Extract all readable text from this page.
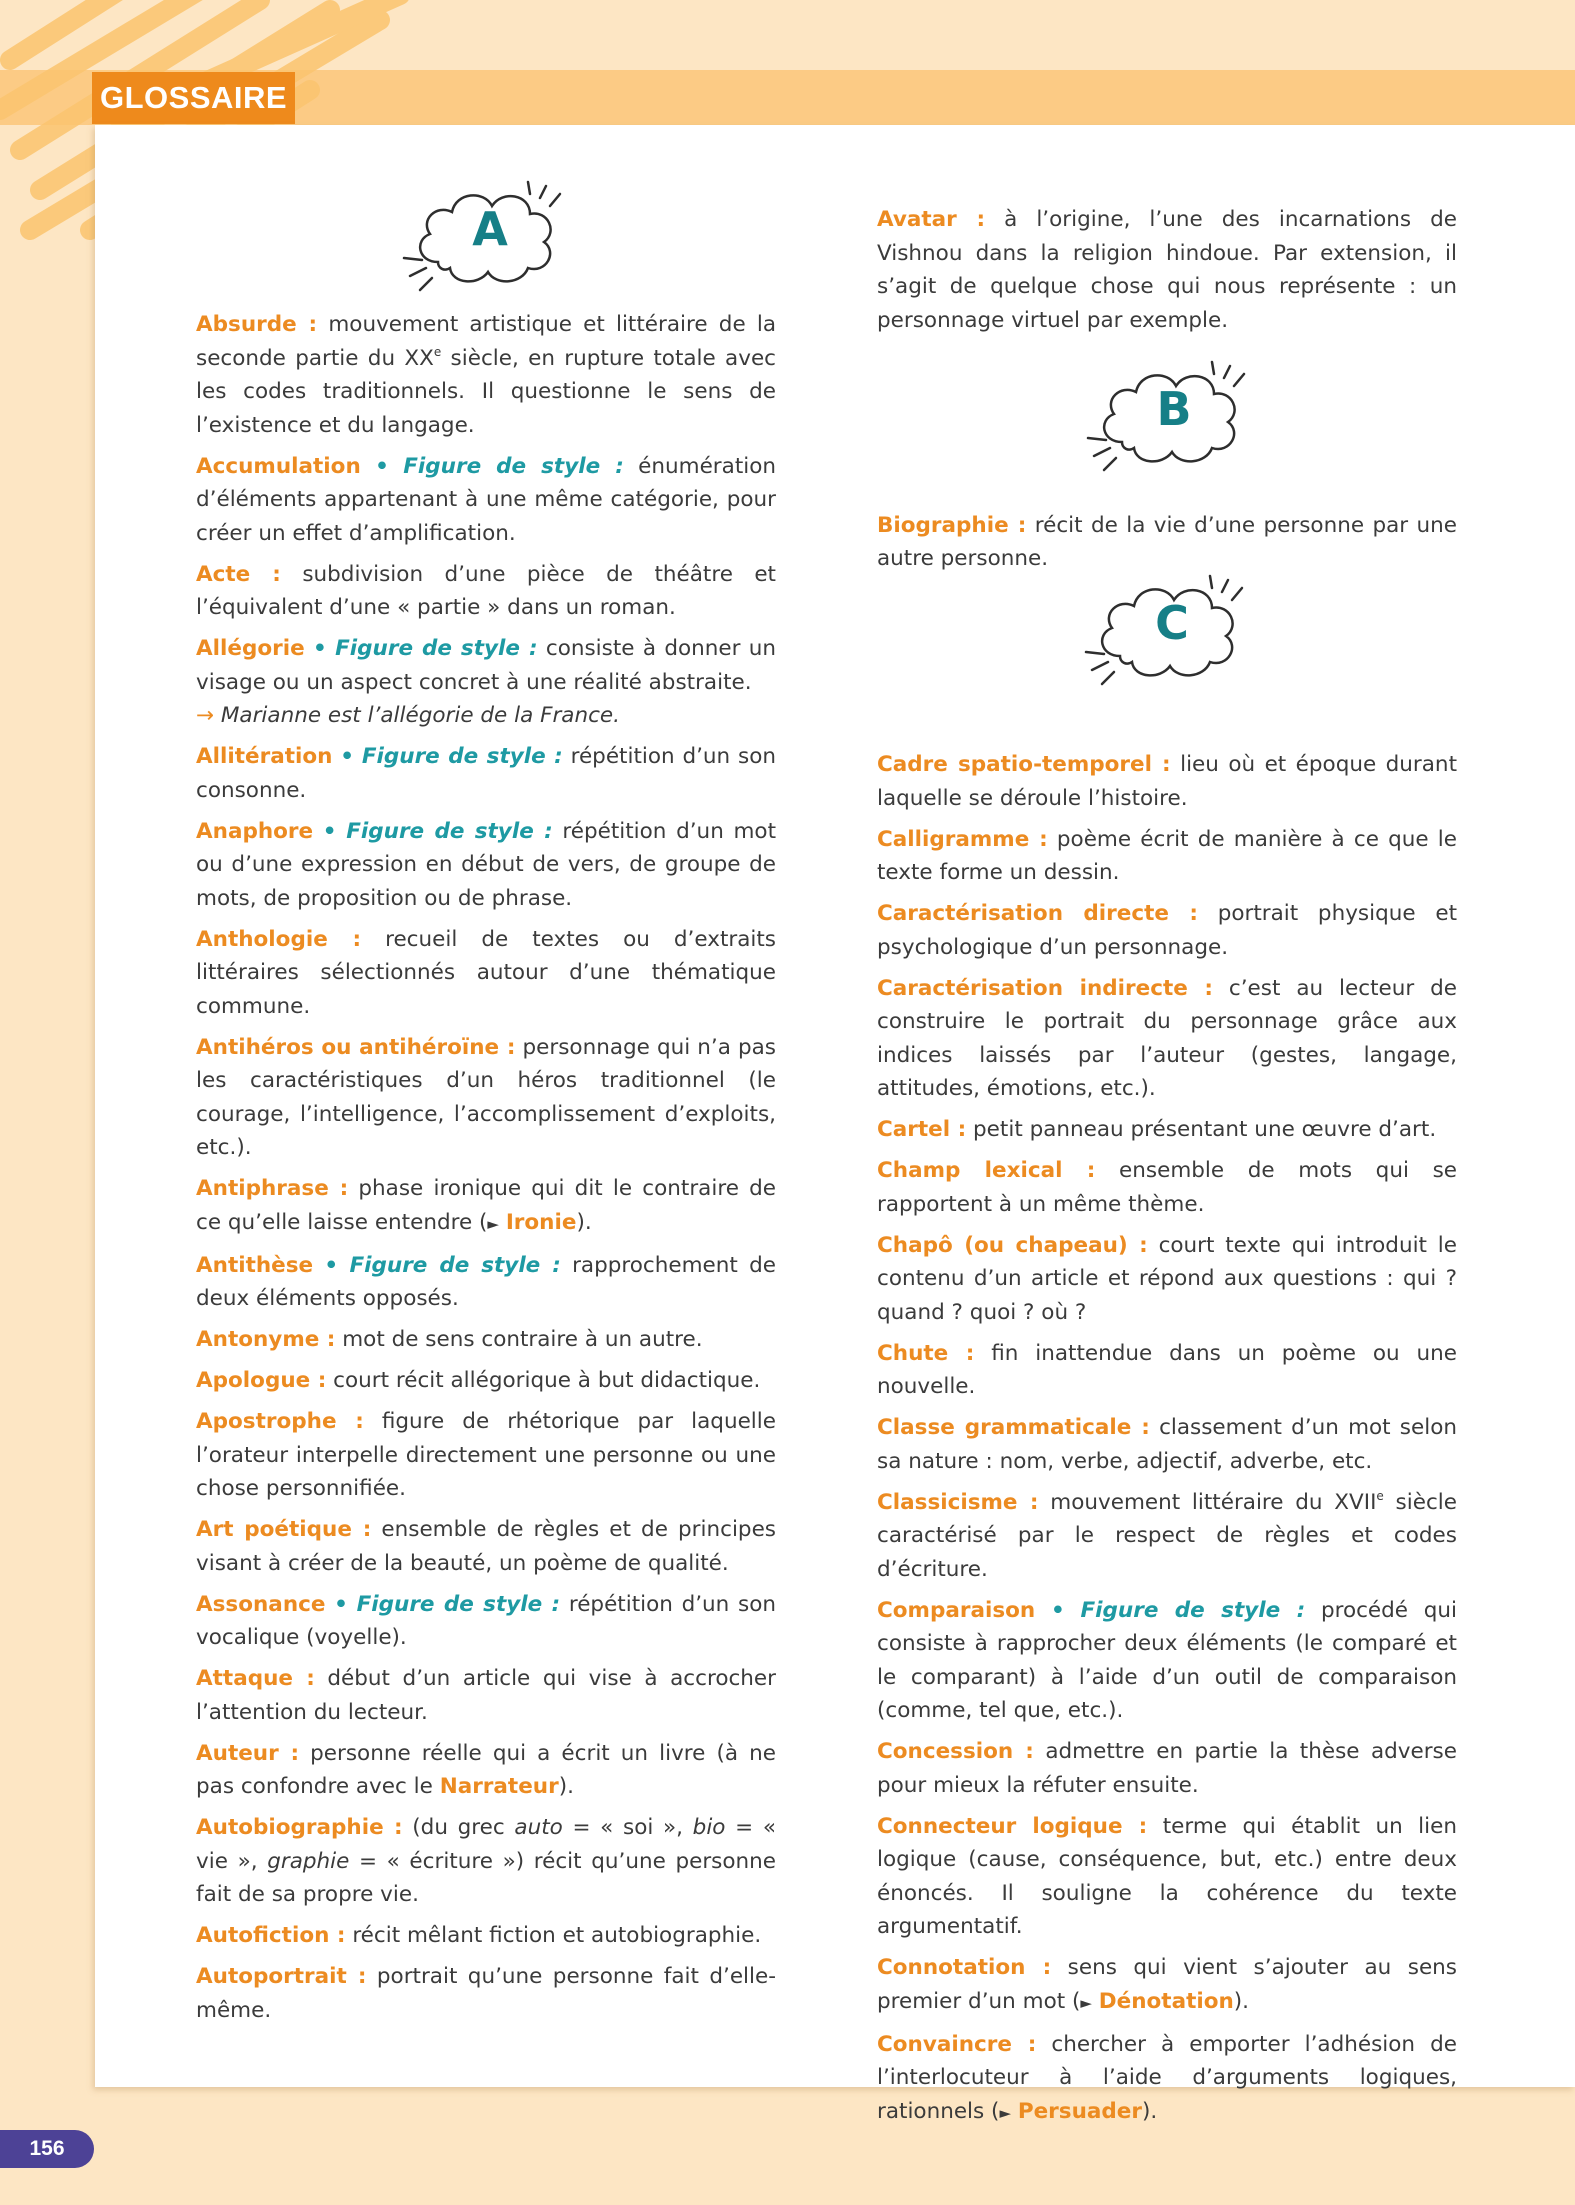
GLOSSAIRE
A
B
C

Absurde : mouvement artistique et littéraire de la seconde partie du XXe siècle, en rupture totale avec les codes traditionnels. Il questionne le sens de l’existence et du langage.

Accumulation • Figure de style : énumération d’éléments appartenant à une même catégorie, pour créer un effet d’amplification.

Acte : subdivision d’une pièce de théâtre et l’équivalent d’une « partie » dans un roman.

Allégorie • Figure de style : consiste à donner un visage ou un aspect concret à une réalité abstraite.
→ Marianne est l’allégorie de la France.

Allitération • Figure de style : répétition d’un son consonne.

Anaphore • Figure de style : répétition d’un mot ou d’une expression en début de vers, de groupe de mots, de proposition ou de phrase.

Anthologie : recueil de textes ou d’extraits littéraires sélectionnés autour d’une thématique commune.

Antihéros ou antihéroïne : personnage qui n’a pas les caractéristiques d’un héros traditionnel (le courage, l’intelligence, l’accomplissement d’exploits, etc.).

Antiphrase : phase ironique qui dit le contraire de ce qu’elle laisse entendre (► Ironie).

Antithèse • Figure de style : rapprochement de deux éléments opposés.

Antonyme : mot de sens contraire à un autre.

Apologue : court récit allégorique à but didactique.

Apostrophe : figure de rhétorique par laquelle l’orateur interpelle directement une personne ou une chose personnifiée.

Art poétique : ensemble de règles et de principes visant à créer de la beauté, un poème de qualité.

Assonance • Figure de style : répétition d’un son vocalique (voyelle).

Attaque : début d’un article qui vise à accrocher l’attention du lecteur.

Auteur : personne réelle qui a écrit un livre (à ne pas confondre avec le Narrateur).

Autobiographie : (du grec auto = « soi », bio = « vie », graphie = « écriture ») récit qu’une personne fait de sa propre vie.

Autofiction : récit mêlant fiction et autobiographie.

Autoportrait : portrait qu’une personne fait d’elle-même.

Avatar : à l’origine, l’une des incarnations de Vishnou dans la religion hindoue. Par extension, il s’agit de quelque chose qui nous représente : un personnage virtuel par exemple.

Biographie : récit de la vie d’une personne par une autre personne.

Cadre spatio-temporel : lieu où et époque durant laquelle se déroule l’histoire.

Calligramme : poème écrit de manière à ce que le texte forme un dessin.

Caractérisation directe : portrait physique et psychologique d’un personnage.

Caractérisation indirecte : c’est au lecteur de construire le portrait du personnage grâce aux indices laissés par l’auteur (gestes, langage, attitudes, émotions, etc.).

Cartel : petit panneau présentant une œuvre d’art.

Champ lexical : ensemble de mots qui se rapportent à un même thème.

Chapô (ou chapeau) : court texte qui introduit le contenu d’un article et répond aux questions : qui ? quand ? quoi ? où ?

Chute : fin inattendue dans un poème ou une nouvelle.

Classe grammaticale : classement d’un mot selon sa nature : nom, verbe, adjectif, adverbe, etc.

Classicisme : mouvement littéraire du XVIIe siècle caractérisé par le respect de règles et codes d’écriture.

Comparaison • Figure de style : procédé qui consiste à rapprocher deux éléments (le comparé et le comparant) à l’aide d’un outil de comparaison (comme, tel que, etc.).

Concession : admettre en partie la thèse adverse pour mieux la réfuter ensuite.

Connecteur logique : terme qui établit un lien logique (cause, conséquence, but, etc.) entre deux énoncés. Il souligne la cohérence du texte argumentatif.

Connotation : sens qui vient s’ajouter au sens premier d’un mot (► Dénotation).

Convaincre : chercher à emporter l’adhésion de l’interlocuteur à l’aide d’arguments logiques, rationnels (► Persuader).

156
